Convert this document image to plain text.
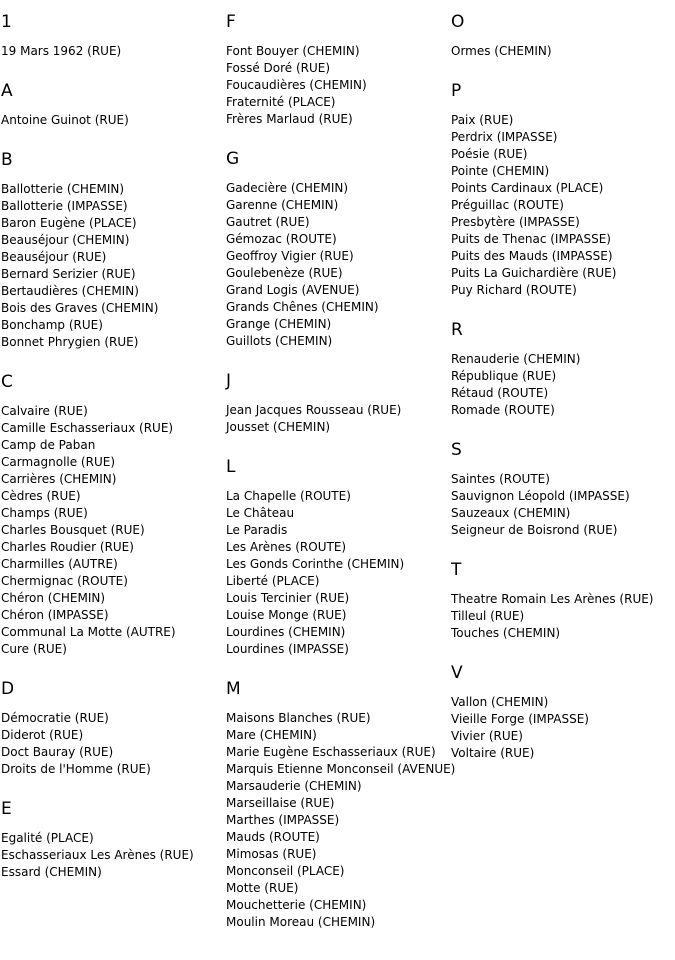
1
19 Mars 1962 (RUE)
A
Antoine Guinot (RUE)
B
Ballotterie (CHEMIN)
Ballotterie (IMPASSE)
Baron Eugène (PLACE)
Beauséjour (CHEMIN)
Beauséjour (RUE)
Bernard Serizier (RUE)
Bertaudières (CHEMIN)
Bois des Graves (CHEMIN)
Bonchamp (RUE)
Bonnet Phrygien (RUE)
C
Calvaire (RUE)
Camille Eschasseriaux (RUE)
Camp de Paban
Carmagnolle (RUE)
Carrières (CHEMIN)
Cèdres (RUE)
Champs (RUE)
Charles Bousquet (RUE)
Charles Roudier (RUE)
Charmilles (AUTRE)
Chermignac (ROUTE)
Chéron (CHEMIN)
Chéron (IMPASSE)
Communal La Motte (AUTRE)
Cure (RUE)
D
Démocratie (RUE)
Diderot (RUE)
Doct Bauray (RUE)
Droits de l'Homme (RUE)
E
Egalité (PLACE)
Eschasseriaux Les Arènes (RUE)
Essard (CHEMIN)
F
Font Bouyer (CHEMIN)
Fossé Doré (RUE)
Foucaudières (CHEMIN)
Fraternité (PLACE)
Frères Marlaud (RUE)
G
Gadecière (CHEMIN)
Garenne (CHEMIN)
Gautret (RUE)
Gémozac (ROUTE)
Geoffroy Vigier (RUE)
Goulebenèze (RUE)
Grand Logis (AVENUE)
Grands Chênes (CHEMIN)
Grange (CHEMIN)
Guillots (CHEMIN)
J
Jean Jacques Rousseau (RUE)
Jousset (CHEMIN)
L
La Chapelle (ROUTE)
Le Château
Le Paradis
Les Arènes (ROUTE)
Les Gonds Corinthe (CHEMIN)
Liberté (PLACE)
Louis Tercinier (RUE)
Louise Monge (RUE)
Lourdines (CHEMIN)
Lourdines (IMPASSE)
M
Maisons Blanches (RUE)
Mare (CHEMIN)
Marie Eugène Eschasseriaux (RUE)
Marquis Etienne Monconseil (AVENUE)
Marsauderie (CHEMIN)
Marseillaise (RUE)
Marthes (IMPASSE)
Mauds (ROUTE)
Mimosas (RUE)
Monconseil (PLACE)
Motte (RUE)
Mouchetterie (CHEMIN)
Moulin Moreau (CHEMIN)
O
Ormes (CHEMIN)
P
Paix (RUE)
Perdrix (IMPASSE)
Poésie (RUE)
Pointe (CHEMIN)
Points Cardinaux (PLACE)
Préguillac (ROUTE)
Presbytère (IMPASSE)
Puits de Thenac (IMPASSE)
Puits des Mauds (IMPASSE)
Puits La Guichardière (RUE)
Puy Richard (ROUTE)
R
Renauderie (CHEMIN)
République (RUE)
Rétaud (ROUTE)
Romade (ROUTE)
S
Saintes (ROUTE)
Sauvignon Léopold (IMPASSE)
Sauzeaux (CHEMIN)
Seigneur de Boisrond (RUE)
T
Theatre Romain Les Arènes (RUE)
Tilleul (RUE)
Touches (CHEMIN)
V
Vallon (CHEMIN)
Vieille Forge (IMPASSE)
Vivier (RUE)
Voltaire (RUE)
